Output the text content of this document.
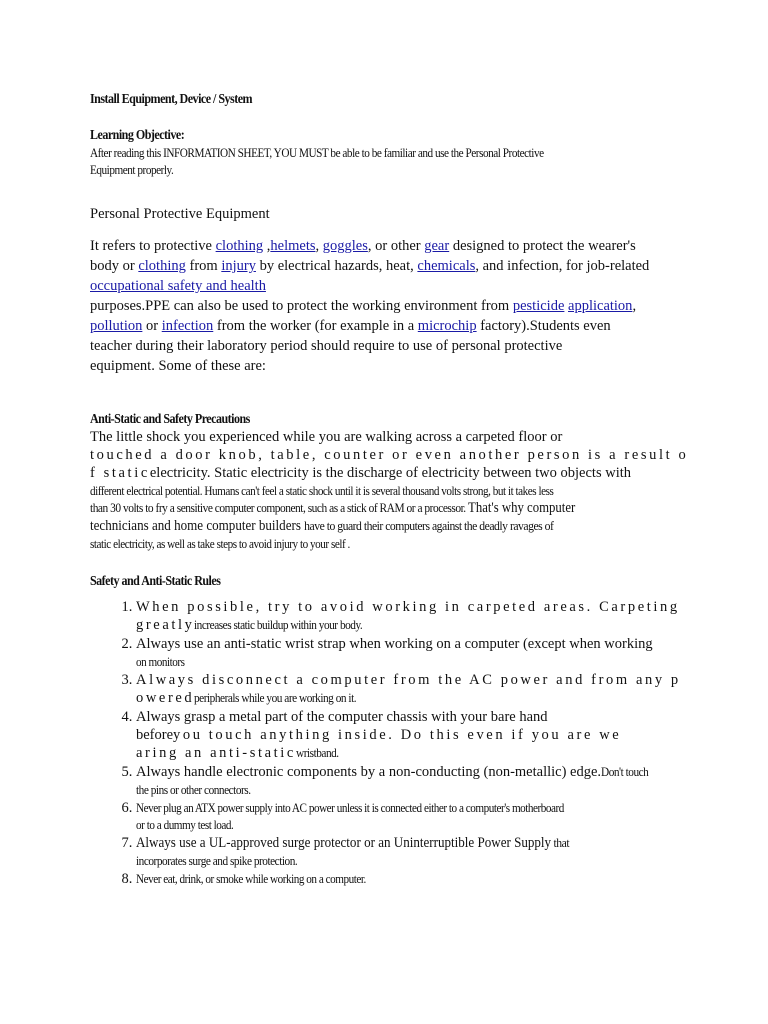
Install Equipment, Device / System
Learning Objective:
After reading this INFORMATION SHEET, YOU MUST be able to be familiar and use the Personal Protective
Equipment properly.
Personal Protective Equipment
It refers to protective clothing ,helmets, goggles, or other gear designed to protect the wearer's
body or clothing from injury by electrical hazards, heat, chemicals, and infection, for job-related
occupational safety and health
purposes.PPE can also be used to protect the working environment from pesticide application,
pollution or infection from the worker (for example in a microchip factory).Students even
teacher during their laboratory period should require to use of personal protective
equipment. Some of these are:
Anti-Static and Safety Precautions
The little shock you experienced while you are walking across a carpeted floor or
touched a door knob, table, counter or even another person is a result o
f staticelectricity. Static electricity is the discharge of electricity between two objects with
different electrical potential. Humans can't feel a static shock until it is several thousand volts strong, but it takes less
than 30 volts to fry a sensitive computer component, such as a stick of RAM or a processor. That's why computer
technicians and home computer builders have to guard their computers against the deadly ravages of
static electricity, as well as take steps to avoid injury to your self .
Safety and Anti-Static Rules
1. When possible, try to avoid working in carpeted areas. Carpeting
greatlyincreases static buildup within your body.
2. Always use an anti-static wrist strap when working on a computer (except when working
on monitors
3. Always disconnect a computer from the AC power and from any p
oweredperipherals while you are working on it.
4. Always grasp a metal part of the computer chassis with your bare hand
beforeyou touch anything inside. Do this even if you are we
aring an anti-staticwristband.
5. Always handle electronic components by a non-conducting (non-metallic) edge.Don't touch
the pins or other connectors.
6. Never plug an ATX power supply into AC power unless it is connected either to a computer's motherboard
or to a dummy test load.
7. Always use a UL-approved surge protector or an Uninterruptible Power Supply that
incorporates surge and spike protection.
8. Never eat, drink, or smoke while working on a computer.
